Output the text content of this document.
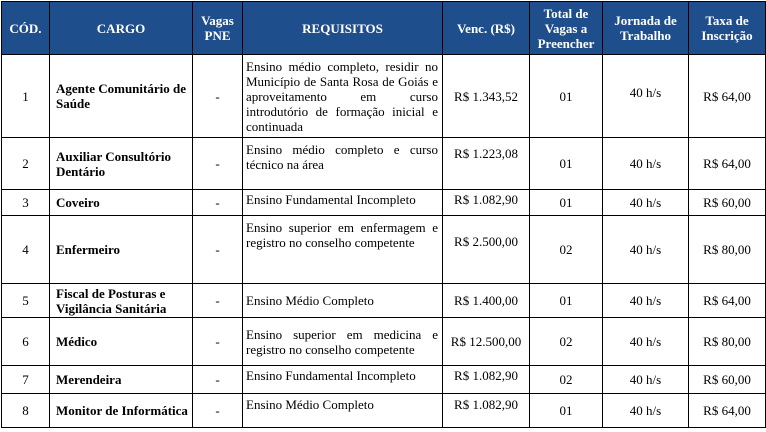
CÓD.	CARGO	Vagas PNE	REQUISITOS	Venc. (R$)	Total de Vagas a Preencher	Jornada de Trabalho	Taxa de Inscrição
1	Agente Comunitário de Saúde	-	Ensino médio completo, residir no Município de Santa Rosa de Goiás e aproveitamento em curso introdutório de formação inicial e continuada	R$ 1.343,52	01	40 h/s	R$ 64,00
2	Auxiliar Consultório Dentário	-	Ensino médio completo e curso técnico na área	R$ 1.223,08	01	40 h/s	R$ 64,00
3	Coveiro	-	Ensino Fundamental Incompleto	R$ 1.082,90	01	40 h/s	R$ 60,00
4	Enfermeiro	-	Ensino superior em enfermagem e registro no conselho competente	R$ 2.500,00	02	40 h/s	R$ 80,00
5	Fiscal de Posturas e Vigilância Sanitária	-	Ensino Médio Completo	R$ 1.400,00	01	40 h/s	R$ 64,00
6	Médico	-	Ensino superior em medicina e registro no conselho competente	R$ 12.500,00	02	40 h/s	R$ 80,00
7	Merendeira	-	Ensino Fundamental Incompleto	R$ 1.082,90	02	40 h/s	R$ 60,00
8	Monitor de Informática	-	Ensino Médio Completo	R$ 1.082,90	01	40 h/s	R$ 64,00
